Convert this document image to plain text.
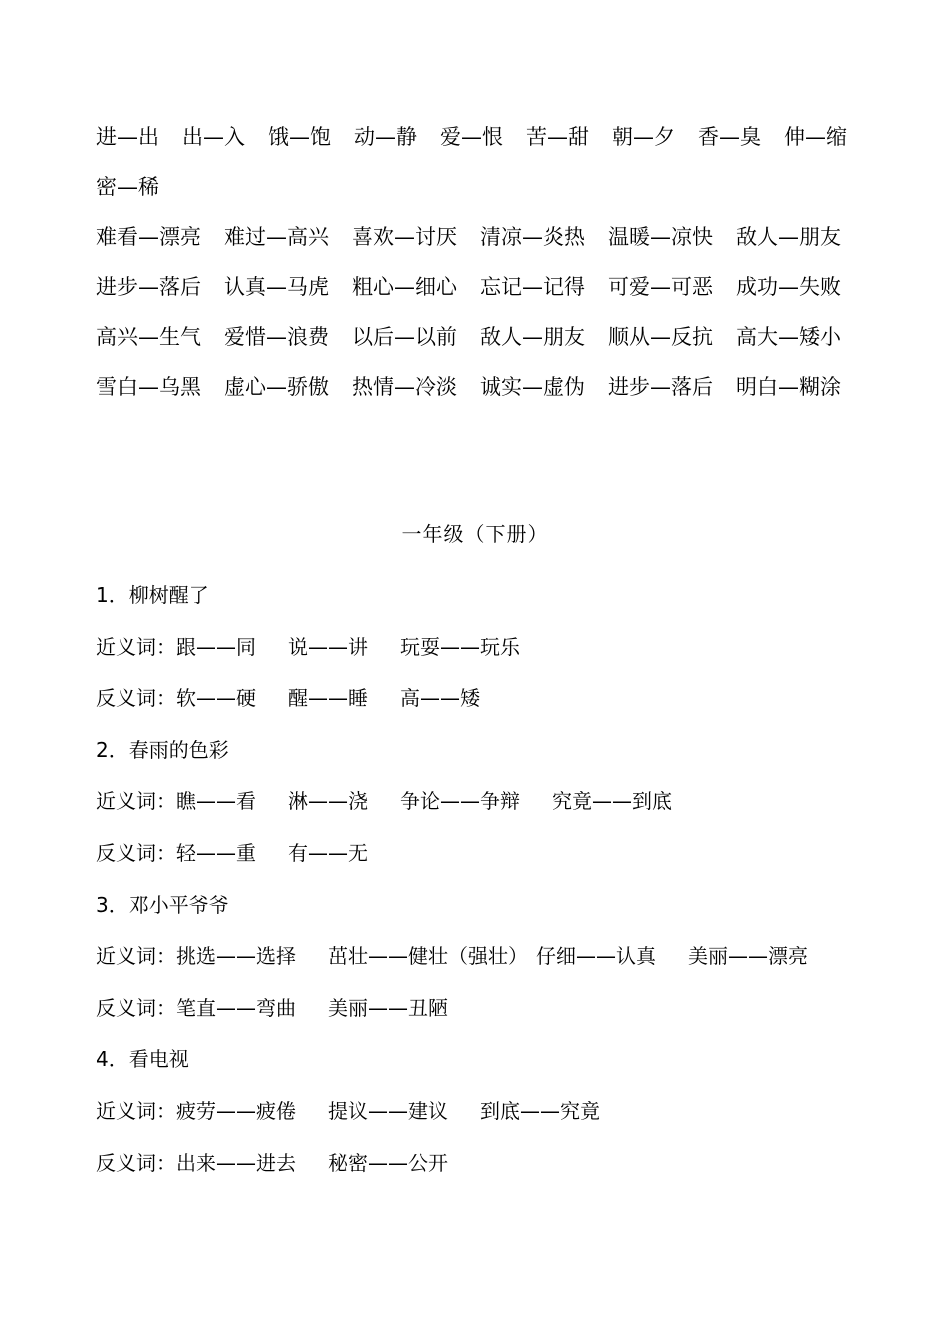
进—出 出—入 饿—饱 动—静 爱—恨 苦—甜 朝—夕 香—臭 伸—缩
密—稀
难看—漂亮 难过—高兴 喜欢—讨厌 清凉—炎热 温暖—凉快 敌人—朋友
进步—落后 认真—马虎 粗心—细心 忘记—记得 可爱—可恶 成功—失败
高兴—生气 爱惜—浪费 以后—以前 敌人—朋友 顺从—反抗 高大—矮小
雪白—乌黑 虚心—骄傲 热情—冷淡 诚实—虚伪 进步—落后 明白—糊涂
一年级（下册）
1．柳树醒了
近义词：跟——同 说——讲 玩耍——玩乐
反义词：软——硬 醒——睡 高——矮
2．春雨的色彩
近义词：瞧——看 淋——浇 争论——争辩 究竟——到底
反义词：轻——重 有——无
3．邓小平爷爷
近义词：挑选——选择 茁壮——健壮（强壮） 仔细——认真 美丽——漂亮
反义词：笔直——弯曲 美丽——丑陋
4．看电视
近义词：疲劳——疲倦 提议——建议 到底——究竟
反义词：出来——进去 秘密——公开
